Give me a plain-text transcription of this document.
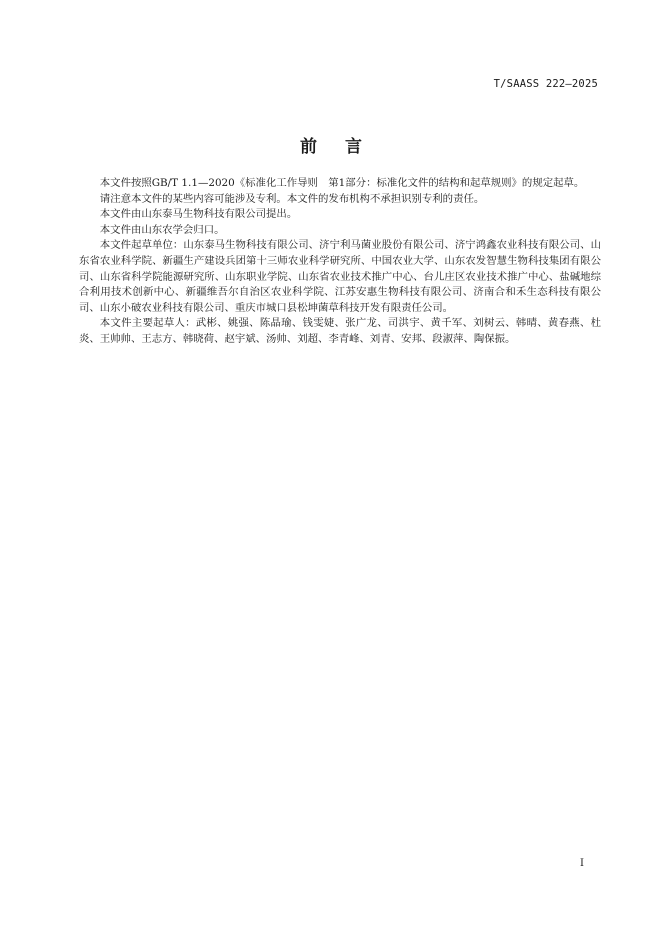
T/SAASS 222—2025
前 言

本文件按照GB/T 1.1—2020《标准化工作导则　第1部分：标准化文件的结构和起草规则》的规定起草。

请注意本文件的某些内容可能涉及专利。本文件的发布机构不承担识别专利的责任。

本文件由山东泰马生物科技有限公司提出。

本文件由山东农学会归口。

本文件起草单位：山东泰马生物科技有限公司、济宁利马菌业股份有限公司、济宁鸿鑫农业科技有限公司、山东省农业科学院、新疆生产建设兵团第十三师农业科学研究所、中国农业大学、山东农发智慧生物科技集团有限公司、山东省科学院能源研究所、山东职业学院、山东省农业技术推广中心、台儿庄区农业技术推广中心、盐碱地综合利用技术创新中心、新疆维吾尔自治区农业科学院、江苏安惠生物科技有限公司、济南合和禾生态科技有限公司、山东小破农业科技有限公司、重庆市城口县松坤菌草科技开发有限责任公司。

本文件主要起草人：武彬、姚强、陈晶瑜、钱雯婕、张广龙、司洪宇、黄千军、刘树云、韩晴、黄春燕、杜炎、王帅帅、王志方、韩晓荷、赵宇斌、汤帅、刘超、李青峰、刘青、安邦、段淑萍、陶保振。

I
